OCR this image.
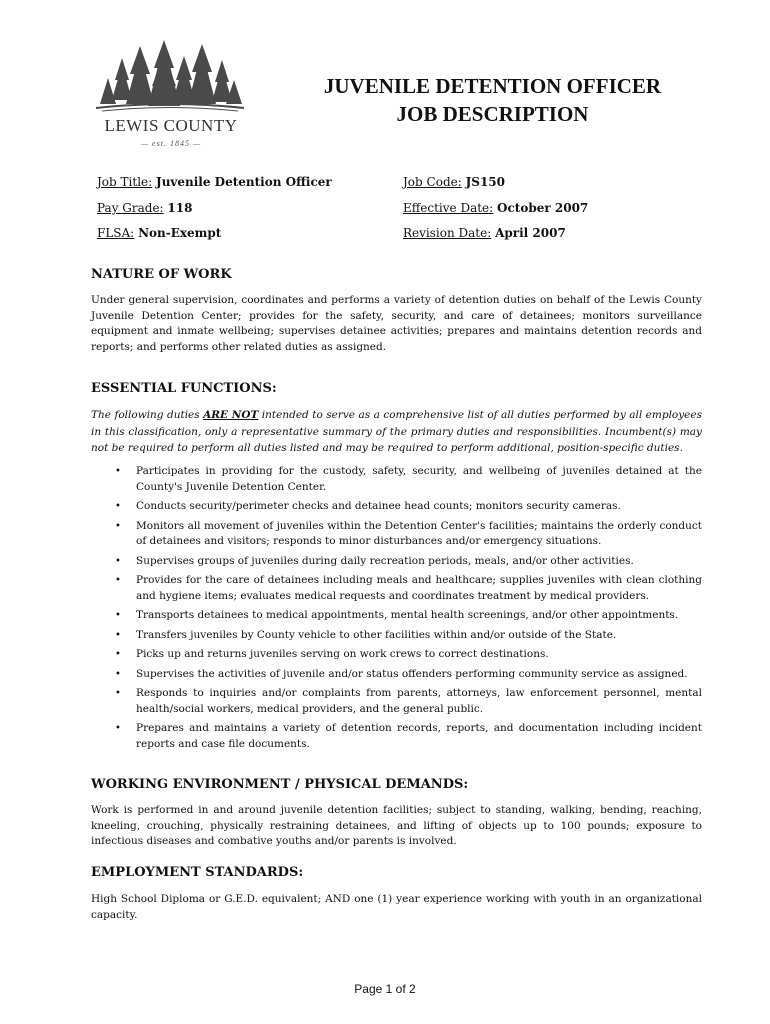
LEWIS COUNTY
— est. 1845 —
JUVENILE DETENTION OFFICER
JOB DESCRIPTION
Job Title: Juvenile Detention Officer
Pay Grade: 118
FLSA: Non-Exempt
Job Code: JS150
Effective Date: October 2007
Revision Date: April 2007
NATURE OF WORK

Under general supervision, coordinates and performs a variety of detention duties on behalf of the Lewis County Juvenile Detention Center; provides for the safety, security, and care of detainees; monitors surveillance equipment and inmate wellbeing; supervises detainee activities; prepares and maintains detention records and reports; and performs other related duties as assigned.

ESSENTIAL FUNCTIONS:

The following duties ARE NOT intended to serve as a comprehensive list of all duties performed by all employees in this classification, only a representative summary of the primary duties and responsibilities. Incumbent(s) may not be required to perform all duties listed and may be required to perform additional, position-specific duties.

• Participates in providing for the custody, safety, security, and wellbeing of juveniles detained at the County's Juvenile Detention Center.
• Conducts security/perimeter checks and detainee head counts; monitors security cameras.
• Monitors all movement of juveniles within the Detention Center's facilities; maintains the orderly conduct of detainees and visitors; responds to minor disturbances and/or emergency situations.
• Supervises groups of juveniles during daily recreation periods, meals, and/or other activities.
• Provides for the care of detainees including meals and healthcare; supplies juveniles with clean clothing and hygiene items; evaluates medical requests and coordinates treatment by medical providers.
• Transports detainees to medical appointments, mental health screenings, and/or other appointments.
• Transfers juveniles by County vehicle to other facilities within and/or outside of the State.
• Picks up and returns juveniles serving on work crews to correct destinations.
• Supervises the activities of juvenile and/or status offenders performing community service as assigned.
• Responds to inquiries and/or complaints from parents, attorneys, law enforcement personnel, mental health/social workers, medical providers, and the general public.
• Prepares and maintains a variety of detention records, reports, and documentation including incident reports and case file documents.
WORKING ENVIRONMENT / PHYSICAL DEMANDS:

Work is performed in and around juvenile detention facilities; subject to standing, walking, bending, reaching, kneeling, crouching, physically restraining detainees, and lifting of objects up to 100 pounds; exposure to infectious diseases and combative youths and/or parents is involved.

EMPLOYMENT STANDARDS:

High School Diploma or G.E.D. equivalent; AND one (1) year experience working with youth in an organizational capacity.

Page 1 of 2
